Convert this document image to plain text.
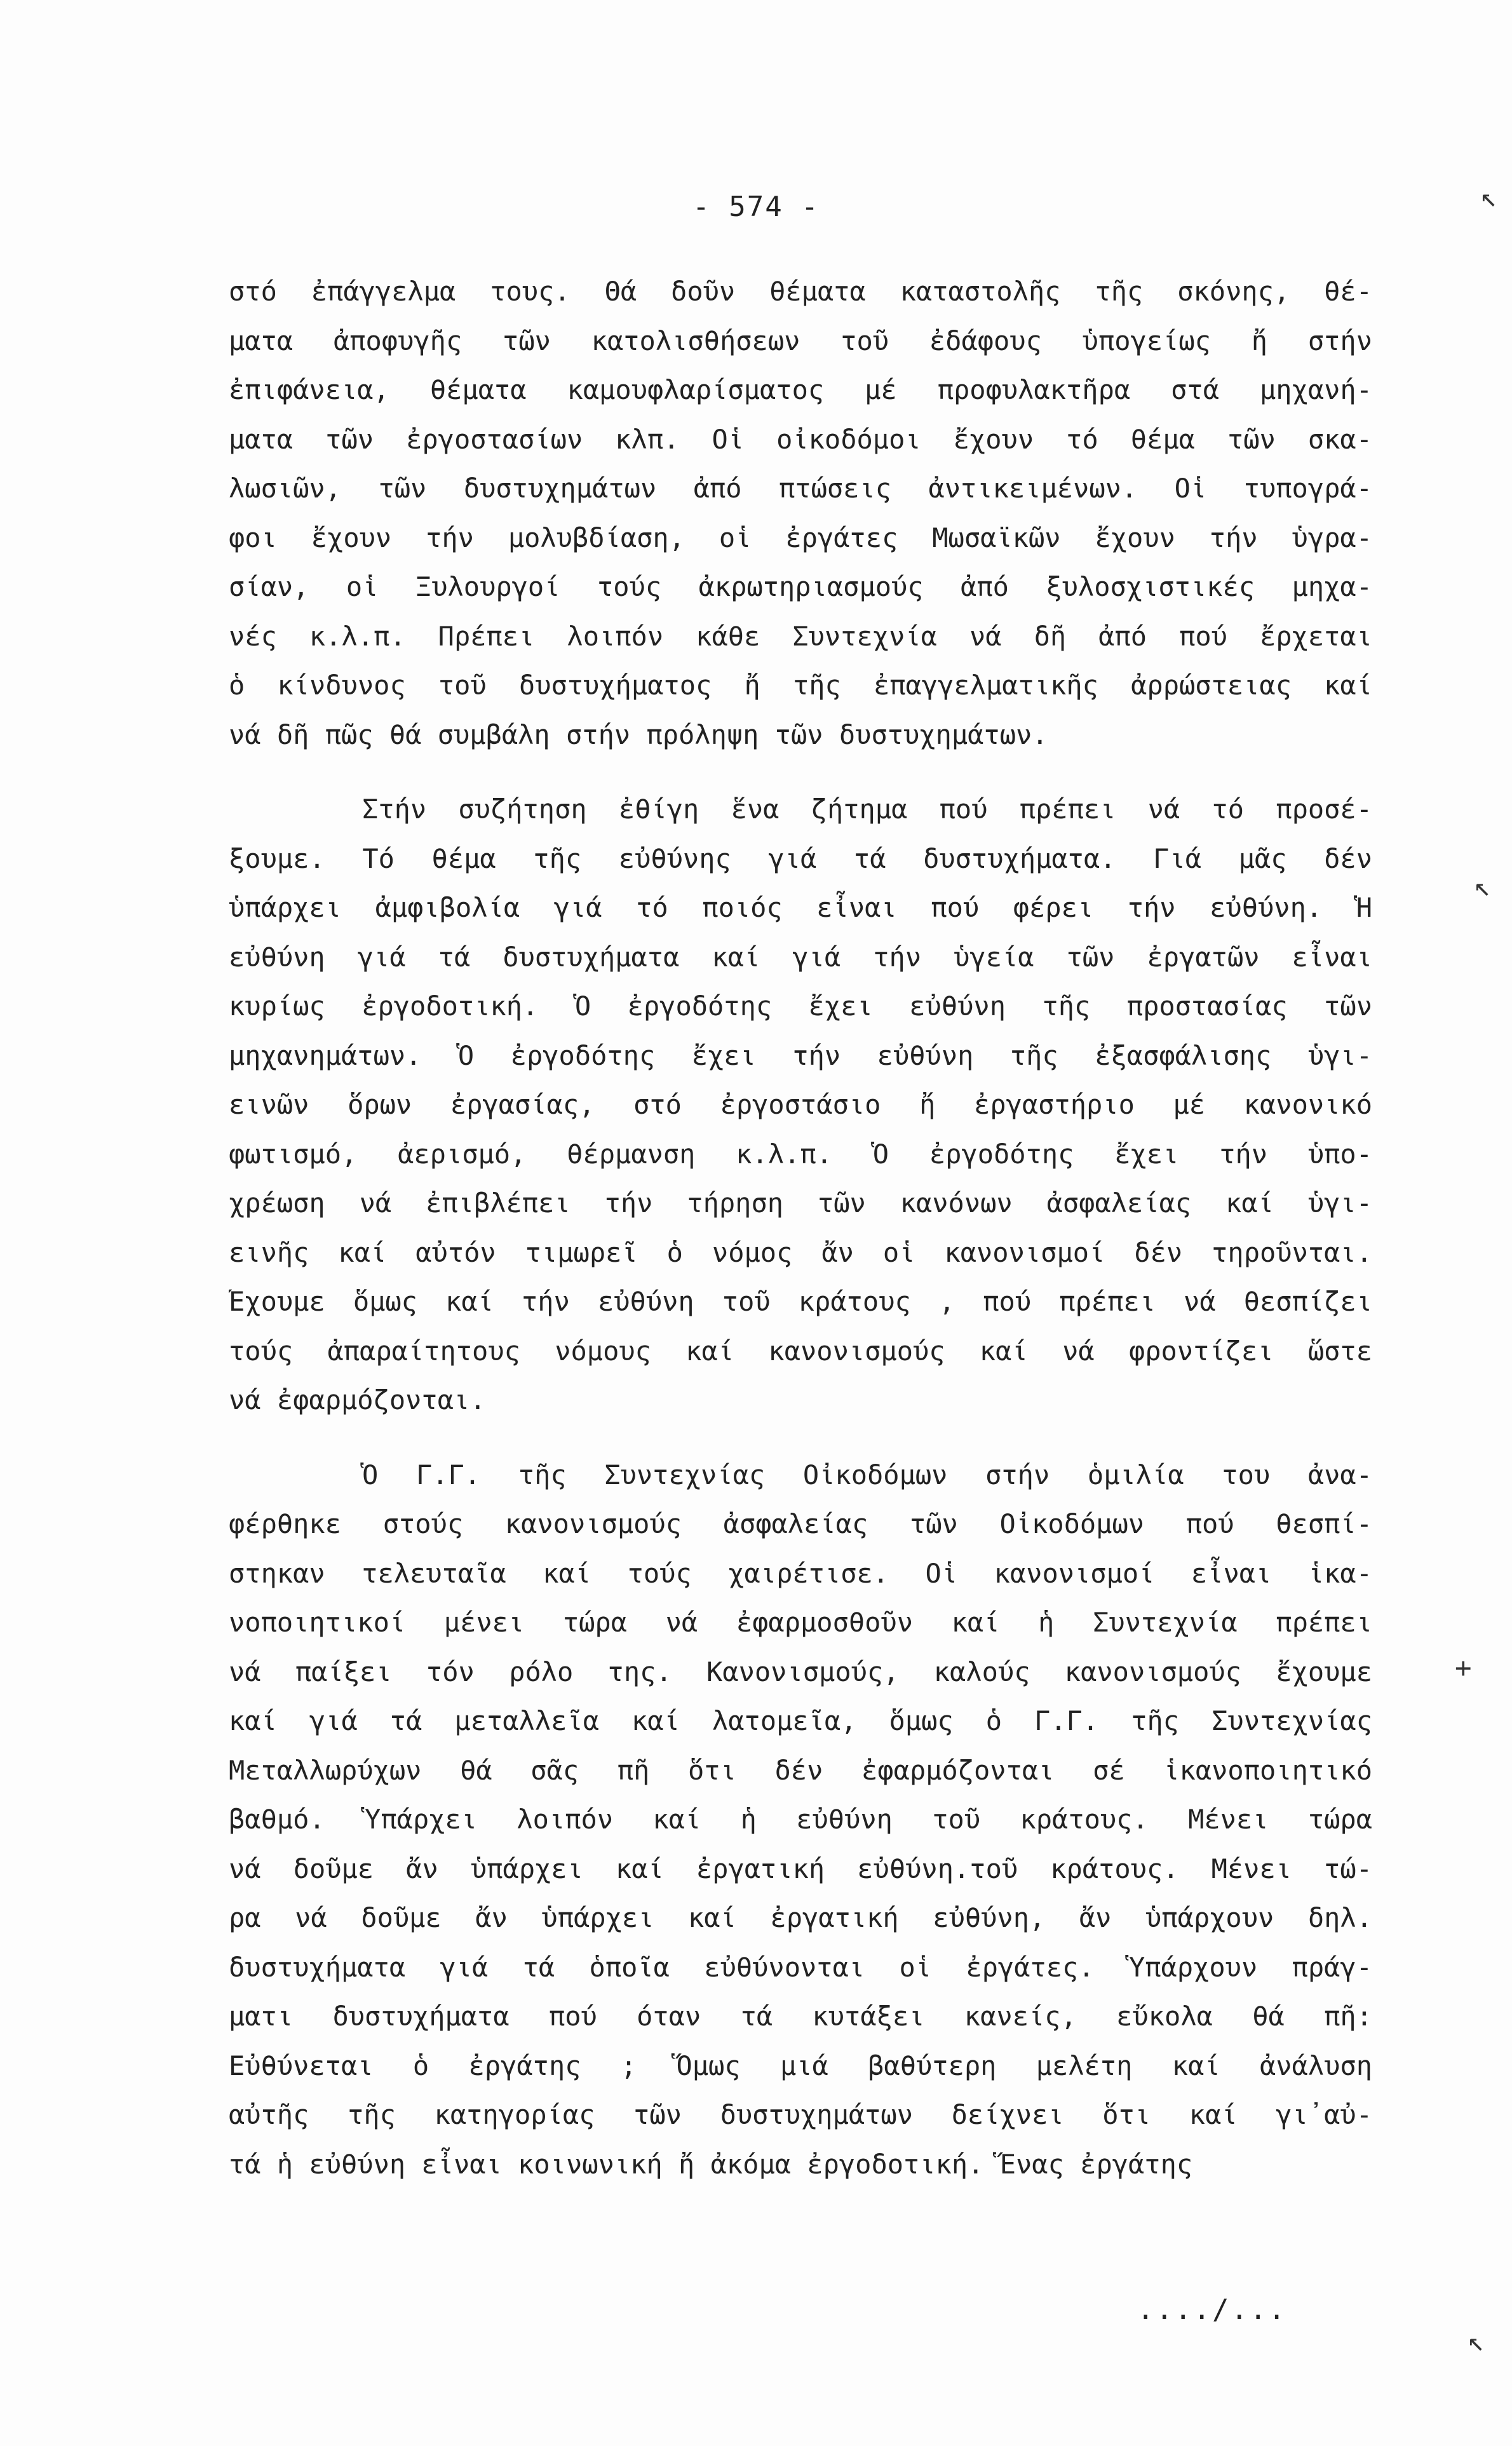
- 574 -
στό ἐπάγγελμα τους. Θά δοῦν θέματα καταστολῆς τῆς σκόνης, θέ-
ματα ἀποφυγῆς τῶν κατολισθήσεων τοῦ ἐδάφους ὑπογείως ἤ στήν
ἐπιφάνεια, θέματα καμουφλαρίσματος μέ προφυλακτῆρα στά μηχανή-
ματα τῶν ἐργοστασίων κλπ. Οἱ οἰκοδόμοι ἔχουν τό θέμα τῶν σκα-
λωσιῶν, τῶν δυστυχημάτων ἀπό πτώσεις ἀντικειμένων. Οἱ τυπογρά-
φοι ἔχουν τήν μολυβδίαση, οἱ ἐργάτες Μωσαϊκῶν ἔχουν τήν ὑγρα-
σίαν, οἱ Ξυλουργοί τούς ἀκρωτηριασμούς ἀπό ξυλοσχιστικές μηχα-
νές κ.λ.π. Πρέπει λοιπόν κάθε Συντεχνία νά δῆ ἀπό πού ἔρχεται
ὁ κίνδυνος τοῦ δυστυχήματος ἤ τῆς ἐπαγγελματικῆς ἀρρώστειας καί
νά δῆ πῶς θά συμβάλη στήν πρόληψη τῶν δυστυχημάτων.
Στήν συζήτηση ἐθίγη ἕνα ζήτημα πού πρέπει νά τό προσέ-
ξουμε. Τό θέμα τῆς εὐθύνης γιά τά δυστυχήματα. Γιά μᾶς δέν
ὑπάρχει ἀμφιβολία γιά τό ποιός εἶναι πού φέρει τήν εὐθύνη. Ἡ
εὐθύνη γιά τά δυστυχήματα καί γιά τήν ὑγεία τῶν ἐργατῶν εἶναι
κυρίως ἐργοδοτική. Ὁ ἐργοδότης ἔχει εὐθύνη τῆς προστασίας τῶν
μηχανημάτων. Ὁ ἐργοδότης ἔχει τήν εὐθύνη τῆς ἐξασφάλισης ὑγι-
εινῶν ὅρων ἐργασίας, στό ἐργοστάσιο ἤ ἐργαστήριο μέ κανονικό
φωτισμό, ἀερισμό, θέρμανση κ.λ.π. Ὁ ἐργοδότης ἔχει τήν ὑπο-
χρέωση νά ἐπιβλέπει τήν τήρηση τῶν κανόνων ἀσφαλείας καί ὑγι-
εινῆς καί αὐτόν τιμωρεῖ ὁ νόμος ἄν οἱ κανονισμοί δέν τηροῦνται.
Ἔχουμε ὅμως καί τήν εὐθύνη τοῦ κράτους , πού πρέπει νά θεσπίζει
τούς ἀπαραίτητους νόμους καί κανονισμούς καί νά φροντίζει ὥστε
νά ἐφαρμόζονται.
Ὁ Γ.Γ. τῆς Συντεχνίας Οἰκοδόμων στήν ὁμιλία του ἀνα-
φέρθηκε στούς κανονισμούς ἀσφαλείας τῶν Οἰκοδόμων πού θεσπί-
στηκαν τελευταῖα καί τούς χαιρέτισε. Οἱ κανονισμοί εἶναι ἱκα-
νοποιητικοί μένει τώρα νά ἐφαρμοσθοῦν καί ἡ Συντεχνία πρέπει
νά παίξει τόν ρόλο της. Κανονισμούς, καλούς κανονισμούς ἔχουμε
καί γιά τά μεταλλεῖα καί λατομεῖα, ὅμως ὁ Γ.Γ. τῆς Συντεχνίας
Μεταλλωρύχων θά σᾶς πῆ ὅτι δέν ἐφαρμόζονται σέ ἱκανοποιητικό
βαθμό. Ὑπάρχει λοιπόν καί ἡ εὐθύνη τοῦ κράτους. Μένει τώρα
νά δοῦμε ἄν ὑπάρχει καί ἐργατική εὐθύνη.τοῦ κράτους. Μένει τώ-
ρα νά δοῦμε ἄν ὑπάρχει καί ἐργατική εὐθύνη, ἄν ὑπάρχουν δηλ.
δυστυχήματα γιά τά ὁποῖα εὐθύνονται οἱ ἐργάτες. Ὑπάρχουν πράγ-
ματι δυστυχήματα πού όταν τά κυτάξει κανείς, εὔκολα θά πῆ:
Εὐθύνεται ὁ ἐργάτης ; Ὅμως μιά βαθύτερη μελέτη καί ἀνάλυση
αὐτῆς τῆς κατηγορίας τῶν δυστυχημάτων δείχνει ὅτι καί γι᾽αὐ-
τά ἡ εὐθύνη εἶναι κοινωνική ἤ ἀκόμα ἐργοδοτική. Ἕνας ἐργάτης
..../...
↖
↖
+
↖
